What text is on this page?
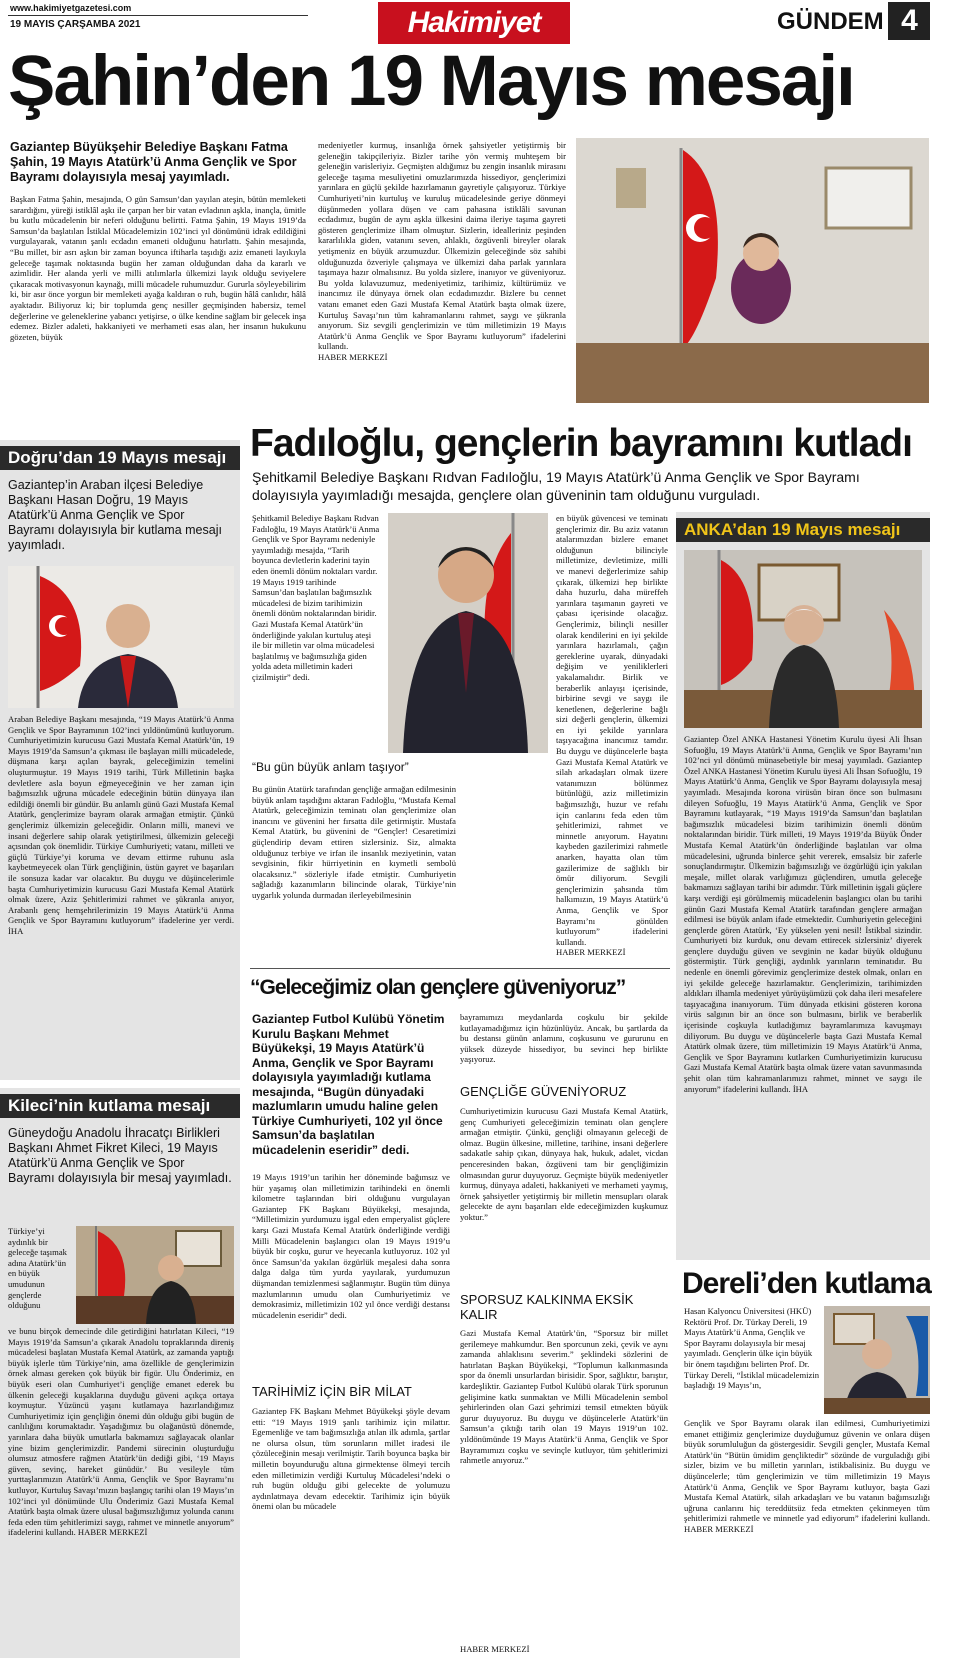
www.hakimiyetgazetesi.com
19 MAYIS ÇARŞAMBA 2021	Hakimiyet	GÜNDEM 4
Şahin’den 19 Mayıs mesajı
Gaziantep Büyükşehir Belediye Başkanı Fatma Şahin, 19 Mayıs Atatürk’ü Anma Gençlik ve Spor Bayramı dolayısıyla mesaj yayımladı.
Başkan Fatma Şahin, mesajında, O gün Samsun’dan yayılan ateşin, bütün memleketi sarardığını, yüreği istiklâl aşkı ile çarpan her bir vatan evladının aşkla, inançla, ümitle bu kutlu mücadelenin bir neferi olduğunu belirtti. Fatma Şahin, 19 Mayıs 1919’da Samsun’da başlatılan İstiklal Mücadelemizin 102’inci yıl dönümünü idrak edildiğini vurgulayarak, vatanın şanlı ecdadın emaneti olduğunu hatırlattı. Şahin mesajında, “Bu millet, bir asrı aşkın bir zaman boyunca iftiharla taşıdığı aziz emaneti layıkıyla geleceğe taşımak noktasında bugün her zaman olduğundan daha da kararlı ve azimlidir. Her alanda yerli ve milli atılımlarla ülkemizi layık olduğu seviyelere çıkaracak motivasyonun kaynağı, milli mücadele ruhumuzdur. Gururla söyleyebilirim ki, bir asır önce yorgun bir memleketi ayağa kaldıran o ruh, bugün hâlâ canlıdır, hâlâ ayaktadır. Biliyoruz ki; bir toplumda genç nesiller geçmişinden habersiz, temel değerlerine ve geleneklerine yabancı yetişirse, o ülke kendine sağlam bir gelecek inşa edemez. Bizler adaleti, hakkaniyeti ve merhameti esas alan, her insanın hukukunu gözeten, büyük
medeniyetler kurmuş, insanlığa örnek şahsiyetler yetiştirmiş bir geleneğin takipçileriyiz. Bizler tarihe yön vermiş muhteşem bir geleneğin varisleriyiz. Geçmişten aldığımız bu zengin insanlık mirasını geleceğe taşıma mesuliyetini omuzlarımızda hissediyor, gençlerimizi yarınlara en güçlü şekilde hazırlamanın gayretiyle çalışıyoruz. Türkiye Cumhuriyeti’nin kurtuluş ve kuruluş mücadelesinde geriye dönmeyi düşünmeden yollara düşen ve cam pahasına istiklâli savunan ecdadımız, bugün de aynı aşkla ülkesini daima ileriye taşıma gayreti gösteren gençlerimize ilham olmuştur. Sizlerin, idealleriniz peşinden kararlılıkla giden, vatanını seven, ahlaklı, özgüvenli bireyler olarak yetişmeniz en büyük arzumuzdur. Ülkemizin geleceğinde söz sahibi olduğunuzda özveriyle çalışmaya ve ülkemizi daha parlak yarınlara taşımaya hazır olmalısınız. Bu yolda sizlere, inanıyor ve güveniyoruz. Bu yolda kılavuzumuz, medeniyetimiz, tarihimiz, kültürümüz ve inancımız ile dünyaya örnek olan ecdadımızdır. Bizlere bu cennet vatanı emanet eden Gazi Mustafa Kemal Atatürk başta olmak üzere, Kurtuluş Savaşı’nın tüm kahramanlarını rahmet, saygı ve şükranla anıyorum. Siz sevgili gençlerimizin ve tüm milletimizin 19 Mayıs Atatürk’ü Anma Gençlik ve Spor Bayramı kutluyorum” ifadelerini kullandı.
HABER MERKEZİ
Doğru’dan 19 Mayıs mesajı
Gaziantep’in Araban ilçesi Belediye Başkanı Hasan Doğru, 19 Mayıs Atatürk’ü Anma Gençlik ve Spor Bayramı dolayısıyla bir kutlama mesajı yayımladı.
Araban Belediye Başkanı mesajında, “19 Mayıs Atatürk’ü Anma Gençlik ve Spor Bayramının 102’inci yıldönümünü kutluyorum. Cumhuriyetimizin kurucusu Gazi Mustafa Kemal Atatürk’ün, 19 Mayıs 1919’da Samsun’a çıkması ile başlayan milli mücadelede, düşmana karşı açılan bayrak, geleceğimizin temelini oluşturmuştur. 19 Mayıs 1919 tarihi, Türk Milletinin başka devletlere asla boyun eğmeyeceğinin ve her zaman için bağımsızlık uğruna mücadele edeceğinin bütün dünyaya ilan edildiği önemli bir gündür. Bu anlamlı günü Gazi Mustafa Kemal Atatürk, gençlerimize bayram olarak armağan etmiştir. Çünkü gençlerimiz ülkemizin geleceğidir. Onların milli, manevi ve insani değerlere sahip olarak yetiştirilmesi, ülkemizin geleceği açısından çok önemlidir. Türkiye Cumhuriyeti; vatanı, milleti ve güçlü Türkiye’yi koruma ve devam ettirme ruhunu asla kaybetmeyecek olan Türk gençliğinin, üstün gayret ve başarıları ile sonsuza kadar var olacaktır. Bu duygu ve düşüncelerimle başta Cumhuriyetimizin kurucusu Gazi Mustafa Kemal Atatürk olmak üzere, Aziz Şehitlerimizi rahmet ve şükranla anıyor, Arabanlı genç hemşehrilerimizin 19 Mayıs Atatürk’ü Anma Gençlik ve Spor Bayramını kutluyorum” ifadelerine yer verdi. İHA
Kileci’nin kutlama mesajı
Güneydoğu Anadolu İhracatçı Birlikleri Başkanı Ahmet Fikret Kileci, 19 Mayıs Atatürk’ü Anma Gençlik ve Spor Bayramı dolayısıyla bir mesaj yayımladı.
Türkiye’yi aydınlık bir geleceğe taşımak adına Atatürk’ün en büyük umudunun gençlerde olduğunu
ve bunu birçok demecinde dile getirdiğini hatırlatan Kileci, “19 Mayıs 1919’da Samsun’a çıkarak Anadolu topraklarında direniş mücadelesi başlatan Mustafa Kemal Atatürk, az zamanda yaptığı büyük işlerle tüm Türkiye’nin, ama özellikle de gençlerimizin örnek alması gereken çok büyük bir figür. Ulu Önderimiz, en büyük eseri olan Cumhuriyet’i gençliğe emanet ederek bu ülkenin geleceği kuşaklarına duyduğu güveni açıkça ortaya koymuştur. Yüzüncü yaşını kutlamaya hazırlandığımız Cumhuriyetimiz için gençliğin önemi dün olduğu gibi bugün de canlılığını korumaktadır. Yaşadığımız bu olağanüstü dönemde, yarınlara daha büyük umutlarla bakmamızı sağlayacak olanlar yine bizim gençlerimizdir. Pandemi sürecinin oluşturduğu olumsuz atmosfere rağmen Atatürk’ün dediği gibi, ‘19 Mayıs güven, sevinç, hareket günüdür.’ Bu vesileyle tüm yurttaşlarımızın Atatürk’ü Anma, Gençlik ve Spor Bayramı’nı kutluyor, Kurtuluş Savaşı’mızın başlangıç tarihi olan 19 Mayıs’ın 102’inci yıl dönümünde Ulu Önderimiz Gazi Mustafa Kemal Atatürk başta olmak üzere ulusal bağımsızlığımız yolunda canını feda eden tüm şehitlerimizi saygı, rahmet ve minnetle anıyorum” ifadelerini kullandı. HABER MERKEZİ
Fadıloğlu, gençlerin bayramını kutladı
Şehitkamil Belediye Başkanı Rıdvan Fadıloğlu, 19 Mayıs Atatürk’ü Anma Gençlik ve Spor Bayramı dolayısıyla yayımladığı mesajda, gençlere olan güveninin tam olduğunu vurguladı.
Şehitkamil Belediye Başkanı Rıdvan Fadıloğlu, 19 Mayıs Atatürk’ü Anma Gençlik ve Spor Bayramı nedeniyle yayımladığı mesajda, “Tarih boyunca devletlerin kaderini tayin eden önemli dönüm noktaları vardır. 19 Mayıs 1919 tarihinde Samsun’dan başlatılan bağımsızlık mücadelesi de bizim tarihimizin önemli dönüm noktalarından biridir. Gazi Mustafa Kemal Atatürk’ün önderliğinde yakılan kurtuluş ateşi ile bir milletin var olma mücadelesi başlatılmış ve bağımsızlığa giden yolda adeta milletimin kaderi çizilmiştir” dedi.
“Bu gün büyük anlam taşıyor”
Bu günün Atatürk tarafından gençliğe armağan edilmesinin büyük anlam taşıdığını aktaran Fadıloğlu, “Mustafa Kemal Atatürk, geleceğimizin teminatı olan gençlerimize olan inancını ve güvenini her fırsatta dile getirmiştir. Mustafa Kemal Atatürk, bu güvenini de “Gençler! Cesaretimizi güçlendirip devam ettiren sizlersiniz. Siz, almakta olduğunuz terbiye ve irfan ile insanlık meziyetinin, vatan sevgisinin, fikir hürriyetinin en kıymetli sembolü olacaksınız.” sözleriyle ifade etmiştir. Cumhuriyetin sağladığı kazanımların bilincinde olarak, Türkiye’nin uygarlık yolunda durmadan ilerleyebilmesinin
en büyük güvencesi ve teminatı gençlerimiz dir. Bu aziz vatanın atalarımızdan bizlere emanet olduğunun bilinciyle milletimize, devletimize, milli ve manevi değerlerimize sahip çıkarak, ülkemizi hep birlikte daha huzurlu, daha müreffeh yarınlara taşımanın gayreti ve çabası içerisinde olacağız. Gençlerimiz, bilinçli nesiller olarak kendilerini en iyi şekilde yarınlara hazırlamalı, çağın gereklerine uyarak, dünyadaki değişim ve yeniliklerleri yakalamalıdır. Birlik ve beraberlik anlayışı içerisinde, birbirine sevgi ve saygı ile kenetlenen, değerlerine bağlı sizi değerli gençlerin, ülkemizi en iyi şekilde yarınlara taşıyacağına inancımız tamdır. Bu duygu ve düşüncelerle başta Gazi Mustafa Kemal Atatürk ve silah arkadaşları olmak üzere vatanımızın bölünmez bütünlüğü, aziz milletimizin bağımsızlığı, huzur ve refahı için canlarını feda eden tüm şehitlerimizi, rahmet ve minnetle anıyorum. Hayatını kaybeden gazilerimizi rahmetle anarken, hayatta olan tüm gazilerimize de sağlıklı bir ömür diliyorum. Sevgili gençlerimizin şahsında tüm halkımızın, 19 Mayıs Atatürk’ü Anma, Gençlik ve Spor Bayramı’nı gönülden kutluyorum” ifadelerini kullandı.
HABER MERKEZİ
“Geleceğimiz olan gençlere güveniyoruz”
Gaziantep Futbol Kulübü Yönetim Kurulu Başkanı Mehmet Büyükekşi, 19 Mayıs Atatürk’ü Anma, Gençlik ve Spor Bayramı dolayısıyla yayımladığı kutlama mesajında, “Bugün dünyadaki mazlumların umudu haline gelen Türkiye Cumhuriyeti, 102 yıl önce Samsun’da başlatılan mücadelenin eseridir” dedi.
19 Mayıs 1919’un tarihin her döneminde bağımsız ve hür yaşamış olan milletimizin tarihindeki en önemli kilometre taşlarından biri olduğunu vurgulayan Gaziantep FK Başkanı Büyükekşi, mesajında, “Milletimizin yurdumuzu işgal eden emperyalist güçlere karşı Gazi Mustafa Kemal Atatürk önderliğinde verdiği Milli Mücadelenin başlangıcı olan 19 Mayıs 1919’u büyük bir coşku, gurur ve heyecanla kutluyoruz. 102 yıl önce Samsun’da yakılan özgürlük meşalesi daha sonra dalga dalga tüm yurda yayılarak, yurdumuzun düşmandan temizlenmesi sağlanmıştır. Bugün tüm dünya mazlumlarının umudu olan Cumhuriyetimiz ve demokrasimiz, milletimizin 102 yıl önce verdiği destansı mücadelenin eseridir” dedi.
TARİHİMİZ İÇİN BİR MİLAT
Gaziantep FK Başkanı Mehmet Büyükekşi şöyle devam etti: “19 Mayıs 1919 şanlı tarihimiz için milattır. Egemenliğe ve tam bağımsızlığa atılan ilk adımla, şartlar ne olursa olsun, tüm sorunların millet iradesi ile çözüleceğinin mesajı verilmiştir. Tarih boyunca başka bir milletin boyunduruğu altına girmektense ölmeyi tercih eden milletimizin verdiği Kurtuluş Mücadelesi’ndeki o ruh bugün olduğu gibi gelecekte de yolumuzu aydınlatmaya devam edecektir. Tarihimiz için büyük önemi olan bu mücadele
bayramımızı meydanlarda coşkulu bir şekilde kutlayamadığımız için hüzünlüyüz. Ancak, bu şartlarda da bu destansı günün anlamını, coşkusunu ve gururunu en yüksek düzeyde hissediyor, bu sevinci hep birlikte yaşıyoruz.
GENÇLİĞE GÜVENİYORUZ
Cumhuriyetimizin kurucusu Gazi Mustafa Kemal Atatürk, genç Cumhuriyeti geleceğimizin teminatı olan gençlere armağan etmiştir. Çünkü, gençliği olmayanın geleceği de olmaz. Bugün ülkesine, milletine, tarihine, insani değerlere sadakatle sahip çıkan, dünyaya hak, hukuk, adalet, vicdan penceresinden bakan, özgüveni tam bir gençliğimizin olmasından gurur duyuyoruz. Geçmişte büyük medeniyetler kurmuş, dünyaya adaleti, hakkaniyeti ve merhameti yaymış, örnek şahsiyetler yetiştirmiş bir milletin mensupları olarak gelecekte de aynı başarıları elde edeceğimizden kuşkumuz yoktur.”
SPORSUZ KALKINMA EKSİK KALIR
Gazi Mustafa Kemal Atatürk’ün, “Sporsuz bir millet gerilemeye mahkumdur. Ben sporcunun zeki, çevik ve aynı zamanda ahlaklısını severim.” şeklindeki sözlerini de hatırlatan Başkan Büyükekşi, “Toplumun kalkınmasında spor da önemli unsurlardan birisidir. Spor, sağlıktır, barıştır, kardeşliktir. Gaziantep Futbol Kulübü olarak Türk sporunun gelişimine katkı sunmaktan ve Milli Mücadelenin sembol şehirlerinden olan Gazi şehrimizi temsil etmekten büyük gurur duyuyoruz. Bu duygu ve düşüncelerle Atatürk’ün Samsun’a çıktığı tarih olan 19 Mayıs 1919’un 102. yıldönümünde 19 Mayıs Atatürk’ü Anma, Gençlik ve Spor Bayramımızı coşku ve sevinçle kutluyor, tüm şehitlerimizi rahmetle anıyoruz.”
HABER MERKEZİ
ANKA’dan 19 Mayıs mesajı
Gaziantep Özel ANKA Hastanesi Yönetim Kurulu üyesi Ali İhsan Sofuoğlu, 19 Mayıs Atatürk’ü Anma, Gençlik ve Spor Bayramı’nın 102’nci yıl dönümü münasebetiyle bir mesaj yayımladı. Gaziantep Özel ANKA Hastanesi Yönetim Kurulu üyesi Ali İhsan Sofuoğlu, 19 Mayıs Atatürk’ü Anma, Gençlik ve Spor Bayramı dolayısıyla mesaj yayımladı. Mesajında korona virüsün biran önce son bulmasını dileyen Sofuoğlu, 19 Mayıs Atatürk’ü Anma, Gençlik ve Spor Bayramını kutlayarak, “19 Mayıs 1919’da Samsun’dan başlatılan bağımsızlık mücadelesi bizim tarihimizin önemli dönüm noktalarından biridir. Türk milleti, 19 Mayıs 1919’da Büyük Önder Mustafa Kemal Atatürk’ün önderliğinde başlatılan var olma mücadelesini, uğrunda binlerce şehit vererek, emsalsiz bir zaferle sonuçlandırmıştır. Ülkemizin bağımsızlığı ve özgürlüğü için yakılan meşale, millet olarak varlığımızı güçlendiren, umutla geleceğe bakmamızı sağlayan tarihi bir adımdır. Türk milletinin işgali güçlere karşı verdiği eşi görülmemiş mücadelenin başlangıcı olan bu tarihi günün Gazi Mustafa Kemal Atatürk tarafından gençlere armağan edilmesi ise büyük anlam ifade etmektedir. Cumhuriyetin geleceğini gençlerde gören Atatürk, ‘Ey yükselen yeni nesil! İstikbal sizindir. Cumhuriyeti biz kurduk, onu devam ettirecek sizlersiniz’ diyerek gençlere duyduğu güven ve sevginin ne kadar büyük olduğunu göstermiştir. Türk gençliği, aydınlık yarınların teminatıdır. Bu nedenle en önemli görevimiz gençlerimize destek olmak, onları en iyi şekilde geleceğe hazırlamaktır. Gençlerimizin, tarihimizden aldıkları ilhamla medeniyet yürüyüşümüzü çok daha ileri mesafelere taşıyacağına inanıyorum. Tüm dünyada etkisini gösteren korona virüs salgının bir an önce son bulmasını, birlik ve beraberlik içerisinde coşkuyla kutladığımız bayramlarımıza kavuşmayı diliyorum. Bu duygu ve düşüncelerle başta Gazi Mustafa Kemal Atatürk olmak üzere, tüm milletimizin 19 Mayıs Atatürk’ü Anma, Gençlik ve Spor Bayramını kutlarken Cumhuriyetimizin kurucusu Gazi Mustafa Kemal Atatürk başta olmak üzere vatan savunmasında şehit olan tüm kahramanlarımızı rahmet, minnet ve saygı ile anıyorum” ifadelerini kullandı. İHA
Dereli’den kutlama
Hasan Kalyoncu Üniversitesi (HKÜ) Rektörü Prof. Dr. Türkay Dereli, 19 Mayıs Atatürk’ü Anma, Gençlik ve Spor Bayramı dolayısıyla bir mesaj yayımladı. Gençlerin ülke için büyük bir önem taşıdığını belirten Prof. Dr. Türkay Dereli, “İstiklal mücadelemizin başladığı 19 Mayıs’ın,
Gençlik ve Spor Bayramı olarak ilan edilmesi, Cumhuriyetimizi emanet ettiğimiz gençlerimize duyduğumuz güvenin ve onlara düşen büyük sorumluluğun da göstergesidir. Sevgili gençler, Mustafa Kemal Atatürk’ün “Bütün ümidim gençliktedir” sözünde de vurguladığı gibi sizler, bizim ve bu milletin yarınları, istikbalisiniz. Bu duygu ve düşüncelerle; tüm gençlerimizin ve tüm milletimizin 19 Mayıs Atatürk’ü Anma, Gençlik ve Spor Bayramı kutluyor, başta Gazi Mustafa Kemal Atatürk, silah arkadaşları ve bu vatanın bağımsızlığı uğruna canlarını hiç tereddütsüz feda etmekten çekinmeyen tüm şehitlerimizi rahmetle ve minnetle yad ediyorum” ifadelerini kullandı. HABER MERKEZİ
